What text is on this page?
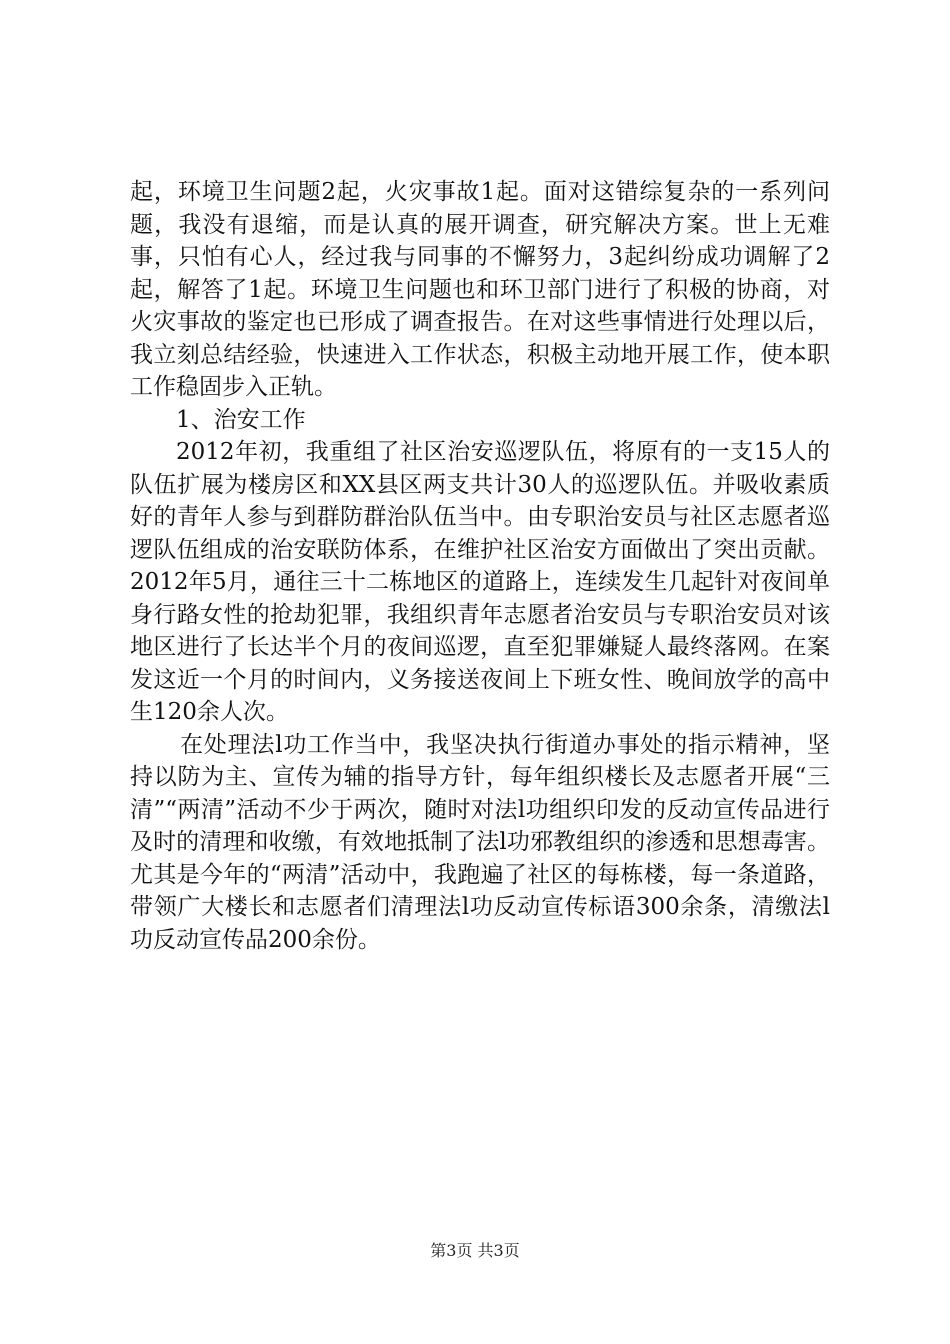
起，环境卫生问题2起，火灾事故1起。面对这错综复杂的一系列问题，我没有退缩，而是认真的展开调查，研究解决方案。世上无难事，只怕有心人，经过我与同事的不懈努力，3起纠纷成功调解了2起，解答了1起。环境卫生问题也和环卫部门进行了积极的协商，对火灾事故的鉴定也已形成了调查报告。在对这些事情进行处理以后，我立刻总结经验，快速进入工作状态，积极主动地开展工作，使本职工作稳固步入正轨。

1、治安工作

2012年初，我重组了社区治安巡逻队伍，将原有的一支15人的队伍扩展为楼房区和XX县区两支共计30人的巡逻队伍。并吸收素质好的青年人参与到群防群治队伍当中。由专职治安员与社区志愿者巡逻队伍组成的治安联防体系，在维护社区治安方面做出了突出贡献。2012年5月，通往三十二栋地区的道路上，连续发生几起针对夜间单身行路女性的抢劫犯罪，我组织青年志愿者治安员与专职治安员对该地区进行了长达半个月的夜间巡逻，直至犯罪嫌疑人最终落网。在案发这近一个月的时间内，义务接送夜间上下班女性、晚间放学的高中生120余人次。

在处理法l功工作当中，我坚决执行街道办事处的指示精神，坚持以防为主、宣传为辅的指导方针，每年组织楼长及志愿者开展“三清”“两清”活动不少于两次，随时对法l功组织印发的反动宣传品进行及时的清理和收缴，有效地抵制了法l功邪教组织的渗透和思想毒害。尤其是今年的“两清”活动中，我跑遍了社区的每栋楼，每一条道路，带领广大楼长和志愿者们清理法l功反动宣传标语300余条，清缴法l功反动宣传品200余份。

第3页 共3页
